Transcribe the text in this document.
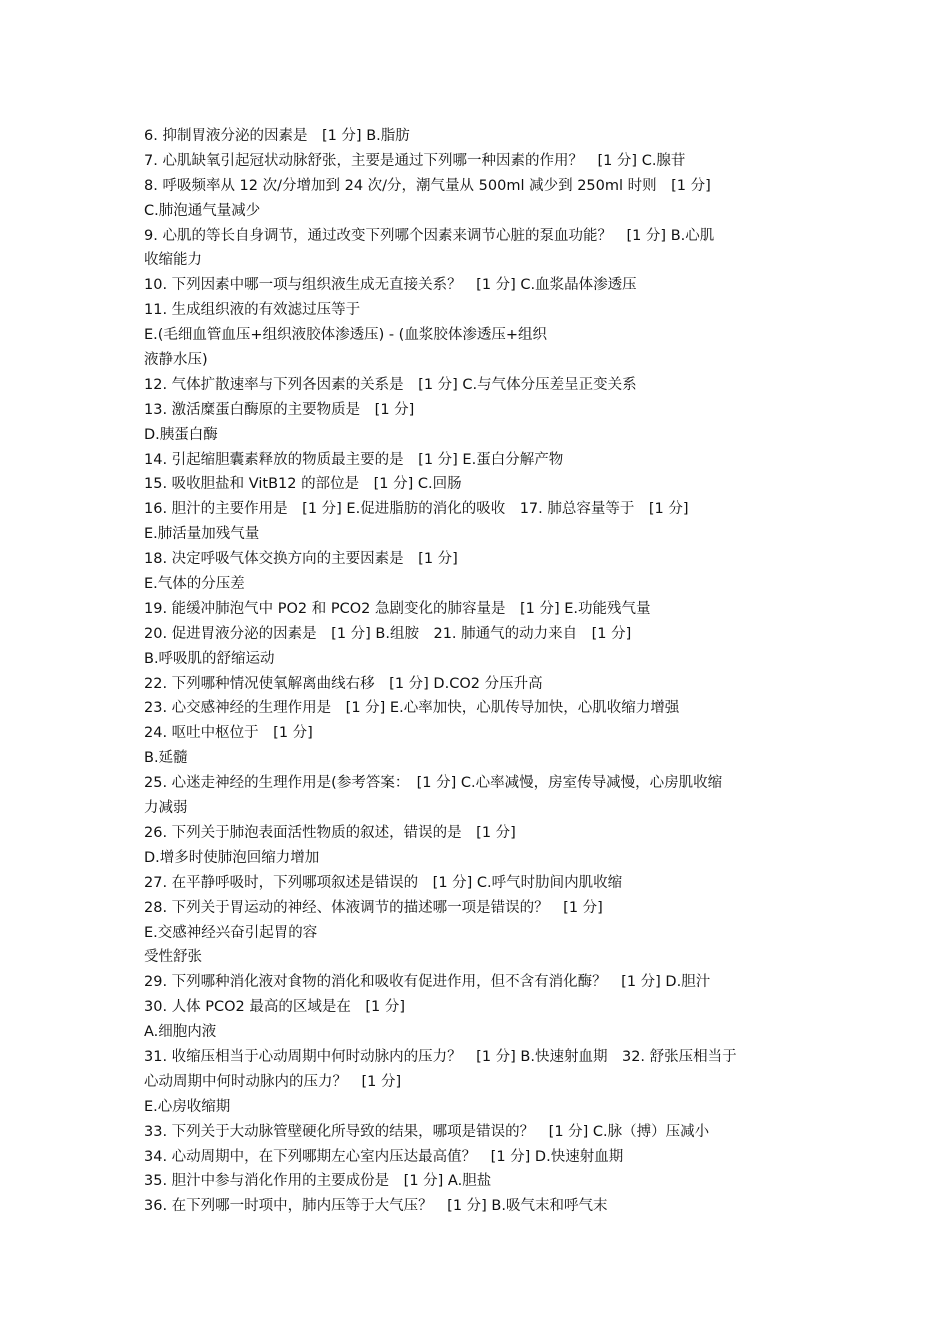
6. 抑制胃液分泌的因素是　[1 分] B.脂肪
7. 心肌缺氧引起冠状动脉舒张，主要是通过下列哪一种因素的作用？　[1 分] C.腺苷
8. 呼吸频率从 12 次/分增加到 24 次/分，潮气量从 500ml 减少到 250ml 时则　[1 分]
C.肺泡通气量减少
9. 心肌的等长自身调节，通过改变下列哪个因素来调节心脏的泵血功能？　[1 分] B.心肌
收缩能力
10. 下列因素中哪一项与组织液生成无直接关系？　[1 分] C.血浆晶体渗透压
11. 生成组织液的有效滤过压等于
E.(毛细血管血压+组织液胶体渗透压) - (血浆胶体渗透压+组织
液静水压)
12. 气体扩散速率与下列各因素的关系是　[1 分] C.与气体分压差呈正变关系
13. 激活糜蛋白酶原的主要物质是　[1 分]
D.胰蛋白酶
14. 引起缩胆囊素释放的物质最主要的是　[1 分] E.蛋白分解产物
15. 吸收胆盐和 VitB12 的部位是　[1 分] C.回肠
16. 胆汁的主要作用是　[1 分] E.促进脂肪的消化的吸收　17. 肺总容量等于　[1 分]
E.肺活量加残气量
18. 决定呼吸气体交换方向的主要因素是　[1 分]
E.气体的分压差
19. 能缓冲肺泡气中 PO2 和 PCO2 急剧变化的肺容量是　[1 分] E.功能残气量
20. 促进胃液分泌的因素是　[1 分] B.组胺　21. 肺通气的动力来自　[1 分]
B.呼吸肌的舒缩运动
22. 下列哪种情况使氧解离曲线右移　[1 分] D.CO2 分压升高
23. 心交感神经的生理作用是　[1 分] E.心率加快，心肌传导加快，心肌收缩力增强
24. 呕吐中枢位于　[1 分]
B.延髓
25. 心迷走神经的生理作用是(参考答案：　[1 分] C.心率减慢，房室传导减慢，心房肌收缩
力减弱
26. 下列关于肺泡表面活性物质的叙述，错误的是　[1 分]
D.增多时使肺泡回缩力增加
27. 在平静呼吸时，下列哪项叙述是错误的　[1 分] C.呼气时肋间内肌收缩
28. 下列关于胃运动的神经、体液调节的描述哪一项是错误的？　[1 分]
E.交感神经兴奋引起胃的容
受性舒张
29. 下列哪种消化液对食物的消化和吸收有促进作用，但不含有消化酶？　[1 分] D.胆汁
30. 人体 PCO2 最高的区域是在　[1 分]
A.细胞内液
31. 收缩压相当于心动周期中何时动脉内的压力？　[1 分] B.快速射血期　32. 舒张压相当于
心动周期中何时动脉内的压力？　[1 分]
E.心房收缩期
33. 下列关于大动脉管壁硬化所导致的结果，哪项是错误的？　[1 分] C.脉（搏）压减小
34. 心动周期中，在下列哪期左心室内压达最高值？　[1 分] D.快速射血期
35. 胆汁中参与消化作用的主要成份是　[1 分] A.胆盐
36. 在下列哪一时项中，肺内压等于大气压？　[1 分] B.吸气末和呼气末
